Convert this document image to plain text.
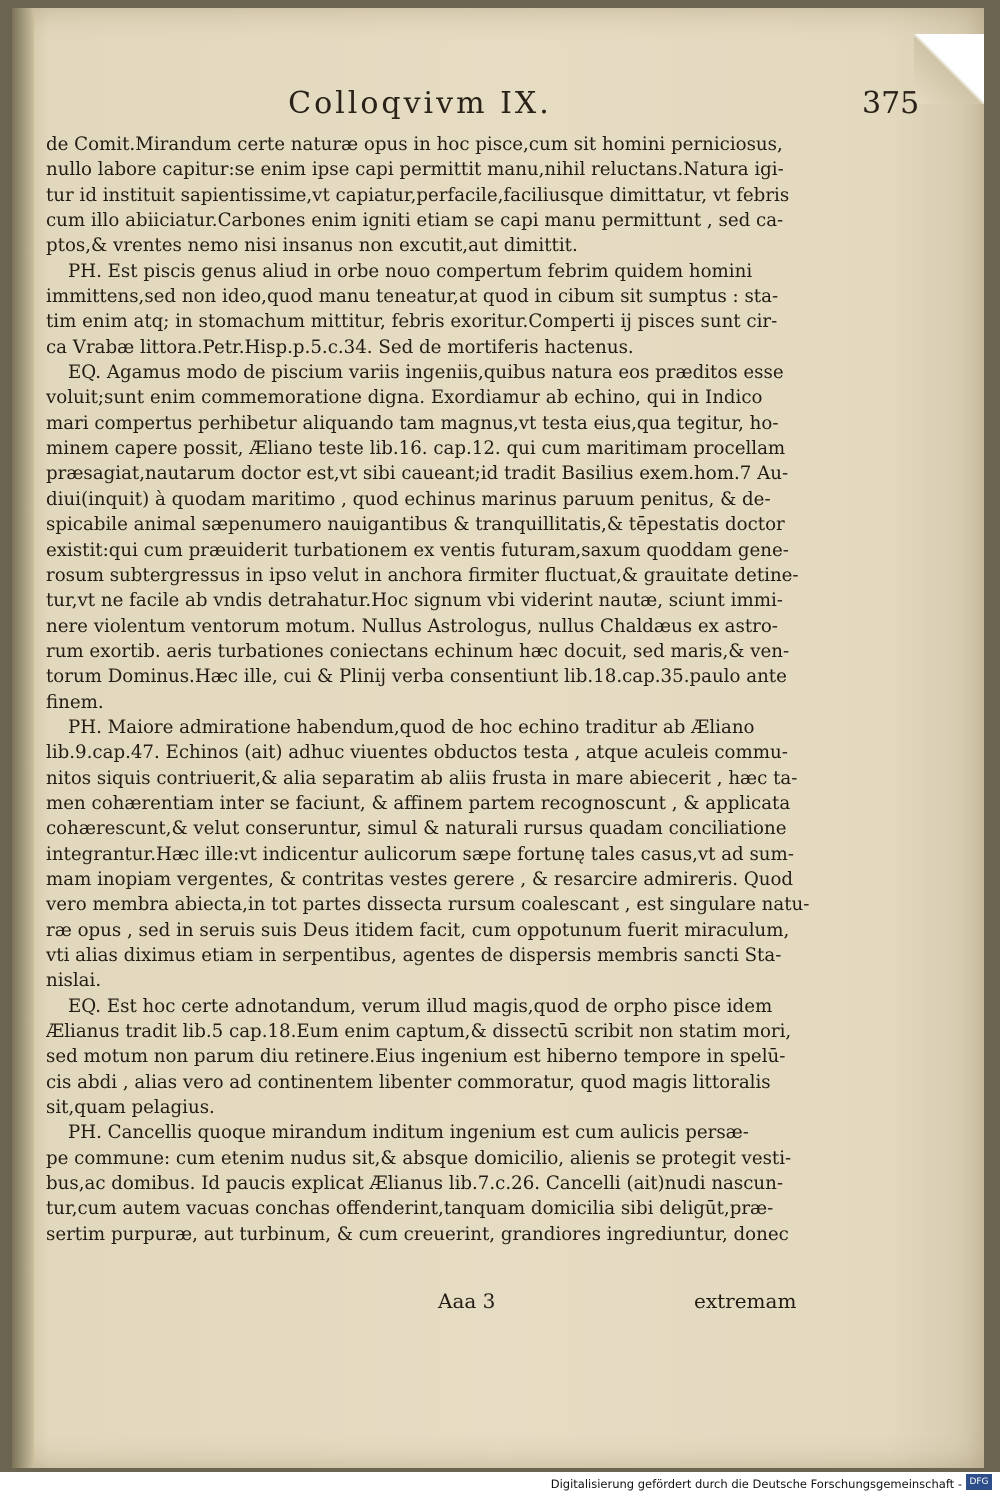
Colloqvivm IX.	375
de Comit.Mirandum certe naturæ opus in hoc pisce,cum sit homini perniciosus,
nullo labore capitur:se enim ipse capi permittit manu,nihil reluctans.Natura igi-
tur id instituit sapientissime,vt capiatur,perfacile,faciliusque dimittatur, vt febris
cum illo abiiciatur.Carbones enim igniti etiam se capi manu permittunt , sed ca-
ptos,& vrentes nemo nisi insanus non excutit,aut dimittit.
PH. Est piscis genus aliud in orbe nouo compertum febrim quidem homini
immittens,sed non ideo,quod manu teneatur,at quod in cibum sit sumptus : sta-
tim enim atq; in stomachum mittitur, febris exoritur.Comperti ij pisces sunt cir-
ca Vrabæ littora.Petr.Hisp.p.5.c.34. Sed de mortiferis hactenus.
EQ. Agamus modo de piscium variis ingeniis,quibus natura eos præditos esse
voluit;sunt enim commemoratione digna. Exordiamur ab echino, qui in Indico
mari compertus perhibetur aliquando tam magnus,vt testa eius,qua tegitur, ho-
minem capere possit, Æliano teste lib.16. cap.12. qui cum maritimam procellam
præsagiat,nautarum doctor est,vt sibi caueant;id tradit Basilius exem.hom.7 Au-
diui(inquit) à quodam maritimo , quod echinus marinus paruum penitus, & de-
spicabile animal sæpenumero nauigantibus & tranquillitatis,& tēpestatis doctor
existit:qui cum præuiderit turbationem ex ventis futuram,saxum quoddam gene-
rosum subtergressus in ipso velut in anchora firmiter fluctuat,& grauitate detine-
tur,vt ne facile ab vndis detrahatur.Hoc signum vbi viderint nautæ, sciunt immi-
nere violentum ventorum motum. Nullus Astrologus, nullus Chaldæus ex astro-
rum exortib. aeris turbationes coniectans echinum hæc docuit, sed maris,& ven-
torum Dominus.Hæc ille, cui & Plinij verba consentiunt lib.18.cap.35.paulo ante
finem.
PH. Maiore admiratione habendum,quod de hoc echino traditur ab Æliano
lib.9.cap.47. Echinos (ait) adhuc viuentes obductos testa , atque aculeis commu-
nitos siquis contriuerit,& alia separatim ab aliis frusta in mare abiecerit , hæc ta-
men cohærentiam inter se faciunt, & affinem partem recognoscunt , & applicata
cohærescunt,& velut conseruntur, simul & naturali rursus quadam conciliatione
integrantur.Hæc ille:vt indicentur aulicorum sæpe fortunę tales casus,vt ad sum-
mam inopiam vergentes, & contritas vestes gerere , & resarcire admireris. Quod
vero membra abiecta,in tot partes dissecta rursum coalescant , est singulare natu-
ræ opus , sed in seruis suis Deus itidem facit, cum oppotunum fuerit miraculum,
vti alias diximus etiam in serpentibus, agentes de dispersis membris sancti Sta-
nislai.
EQ. Est hoc certe adnotandum, verum illud magis,quod de orpho pisce idem
Ælianus tradit lib.5 cap.18.Eum enim captum,& dissectū scribit non statim mori,
sed motum non parum diu retinere.Eius ingenium est hiberno tempore in spelū-
cis abdi , alias vero ad continentem libenter commoratur, quod magis littoralis
sit,quam pelagius.
PH. Cancellis quoque mirandum inditum ingenium est cum aulicis persæ-
pe commune: cum etenim nudus sit,& absque domicilio, alienis se protegit vesti-
bus,ac domibus. Id paucis explicat Ælianus lib.7.c.26. Cancelli (ait)nudi nascun-
tur,cum autem vacuas conchas offenderint,tanquam domicilia sibi deligūt,præ-
sertim purpuræ, aut turbinum, & cum creuerint, grandiores ingrediuntur, donec
Aaa 3	extremam
Digitalisierung gefördert durch die Deutsche Forschungsgemeinschaft - DFG
